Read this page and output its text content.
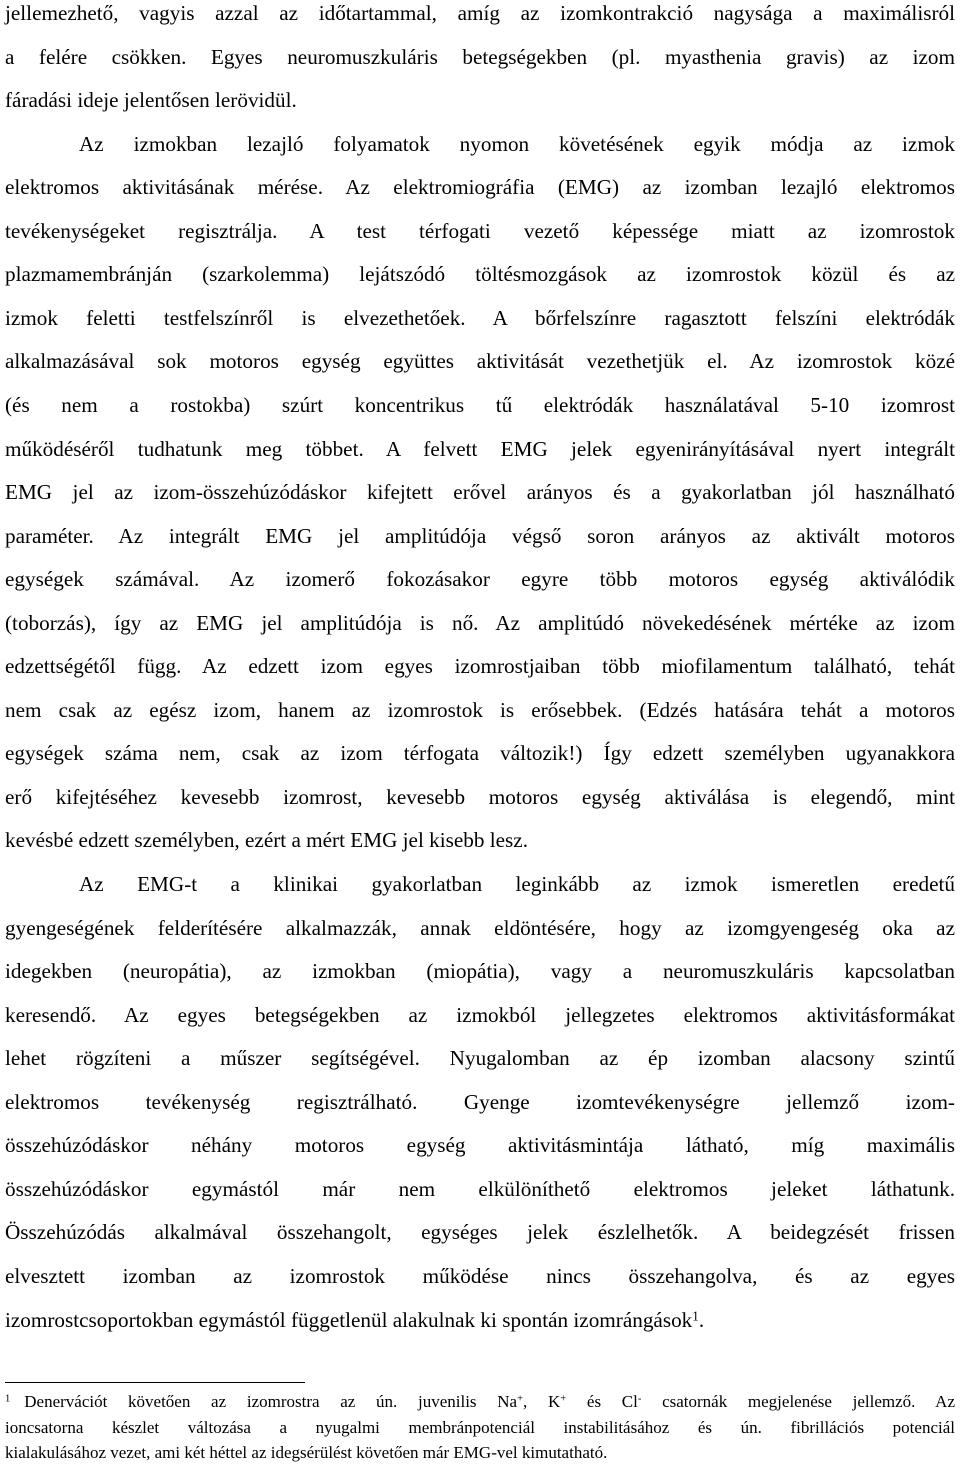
jellemezhető, vagyis azzal az időtartammal, amíg az izomkontrakció nagysága a maximálisról
a felére csökken. Egyes neuromuszkuláris betegségekben (pl. myasthenia gravis) az izom
fáradási ideje jelentősen lerövidül.
Az izmokban lezajló folyamatok nyomon követésének egyik módja az izmok
elektromos aktivitásának mérése. Az elektromiográfia (EMG) az izomban lezajló elektromos
tevékenységeket regisztrálja. A test térfogati vezető képessége miatt az izomrostok
plazmamembránján (szarkolemma) lejátszódó töltésmozgások az izomrostok közül és az
izmok feletti testfelszínről is elvezethetőek. A bőrfelszínre ragasztott felszíni elektródák
alkalmazásával sok motoros egység együttes aktivitását vezethetjük el. Az izomrostok közé
(és nem a rostokba) szúrt koncentrikus tű elektródák használatával 5-10 izomrost
működéséről tudhatunk meg többet. A felvett EMG jelek egyenirányításával nyert integrált
EMG jel az izom-összehúzódáskor kifejtett erővel arányos és a gyakorlatban jól használható
paraméter. Az integrált EMG jel amplitúdója végső soron arányos az aktivált motoros
egységek számával. Az izomerő fokozásakor egyre több motoros egység aktiválódik
(toborzás), így az EMG jel amplitúdója is nő. Az amplitúdó növekedésének mértéke az izom
edzettségétől függ. Az edzett izom egyes izomrostjaiban több miofilamentum található, tehát
nem csak az egész izom, hanem az izomrostok is erősebbek. (Edzés hatására tehát a motoros
egységek száma nem, csak az izom térfogata változik!) Így edzett személyben ugyanakkora
erő kifejtéséhez kevesebb izomrost, kevesebb motoros egység aktiválása is elegendő, mint
kevésbé edzett személyben, ezért a mért EMG jel kisebb lesz.
Az EMG-t a klinikai gyakorlatban leginkább az izmok ismeretlen eredetű
gyengeségének felderítésére alkalmazzák, annak eldöntésére, hogy az izomgyengeség oka az
idegekben (neuropátia), az izmokban (miopátia), vagy a neuromuszkuláris kapcsolatban
keresendő. Az egyes betegségekben az izmokból jellegzetes elektromos aktivitásformákat
lehet rögzíteni a műszer segítségével. Nyugalomban az ép izomban alacsony szintű
elektromos tevékenység regisztrálható. Gyenge izomtevékenységre jellemző izom-
összehúzódáskor néhány motoros egység aktivitásmintája látható, míg maximális
összehúzódáskor egymástól már nem elkülöníthető elektromos jeleket láthatunk.
Összehúzódás alkalmával összehangolt, egységes jelek észlelhetők. A beidegzését frissen
elvesztett izomban az izomrostok működése nincs összehangolva, és az egyes
izomrostcsoportokban egymástól függetlenül alakulnak ki spontán izomrángások$^1$.
$^1$ Denervációt követően az izomrostra az ún. juvenilis Na+, K+ és Cl- csatornák megjelenése jellemző. Az
ioncsatorna készlet változása a nyugalmi membránpotenciál instabilitásához és ún. fibrillációs potenciál
kialakulásához vezet, ami két héttel az idegsérülést követően már EMG-vel kimutatható.
